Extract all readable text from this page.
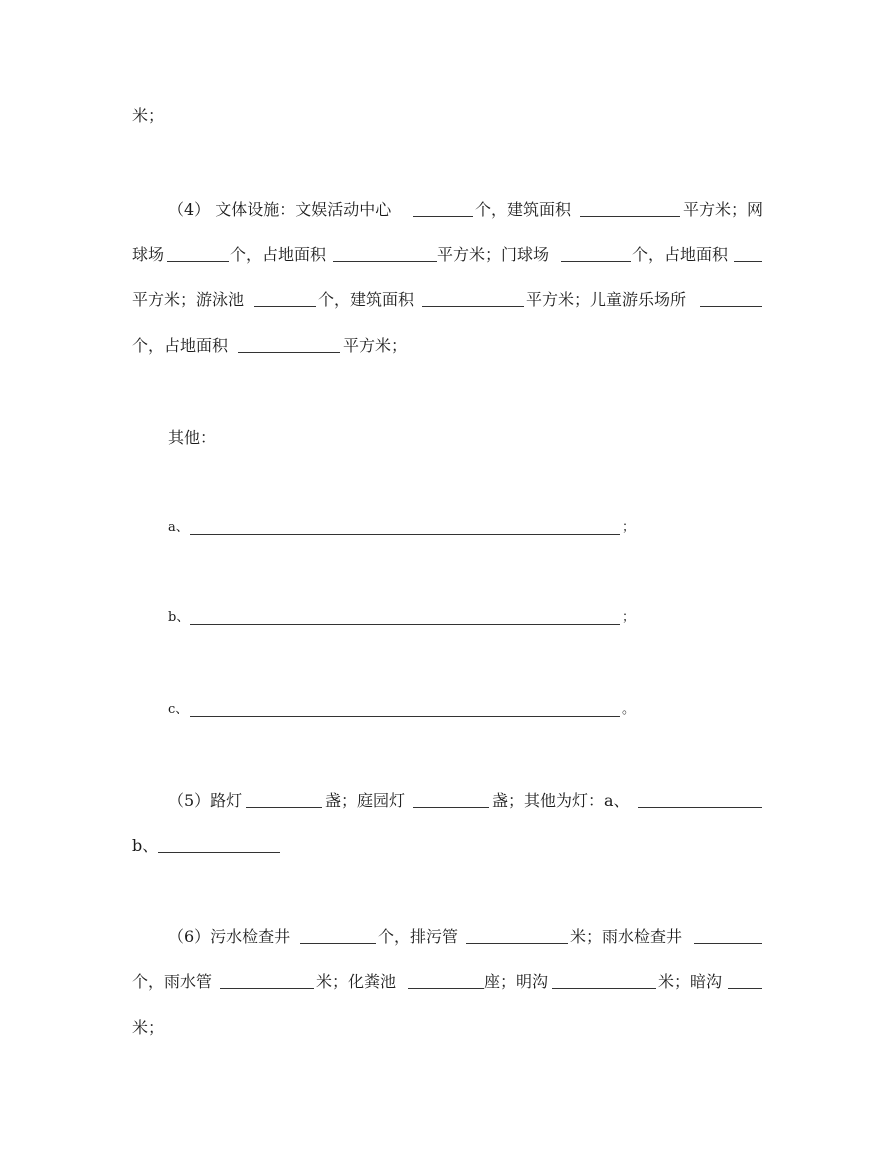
米；
（4） 文体设施：文娱活动中心	个，建筑面积	平方米；网
球场	个，占地面积	平方米；门球场	个，占地面积
平方米；游泳池	个，建筑面积	平方米；儿童游乐场所
个，占地面积	平方米；
其他：
a、	；
b、	；
c、	。
（5）路灯	盏；庭园灯	盏；其他为灯：a、
b、
（6）污水检查井	个，排污管	米；雨水检查井
个，雨水管	米；化粪池	座；明沟	米；暗沟
米；
